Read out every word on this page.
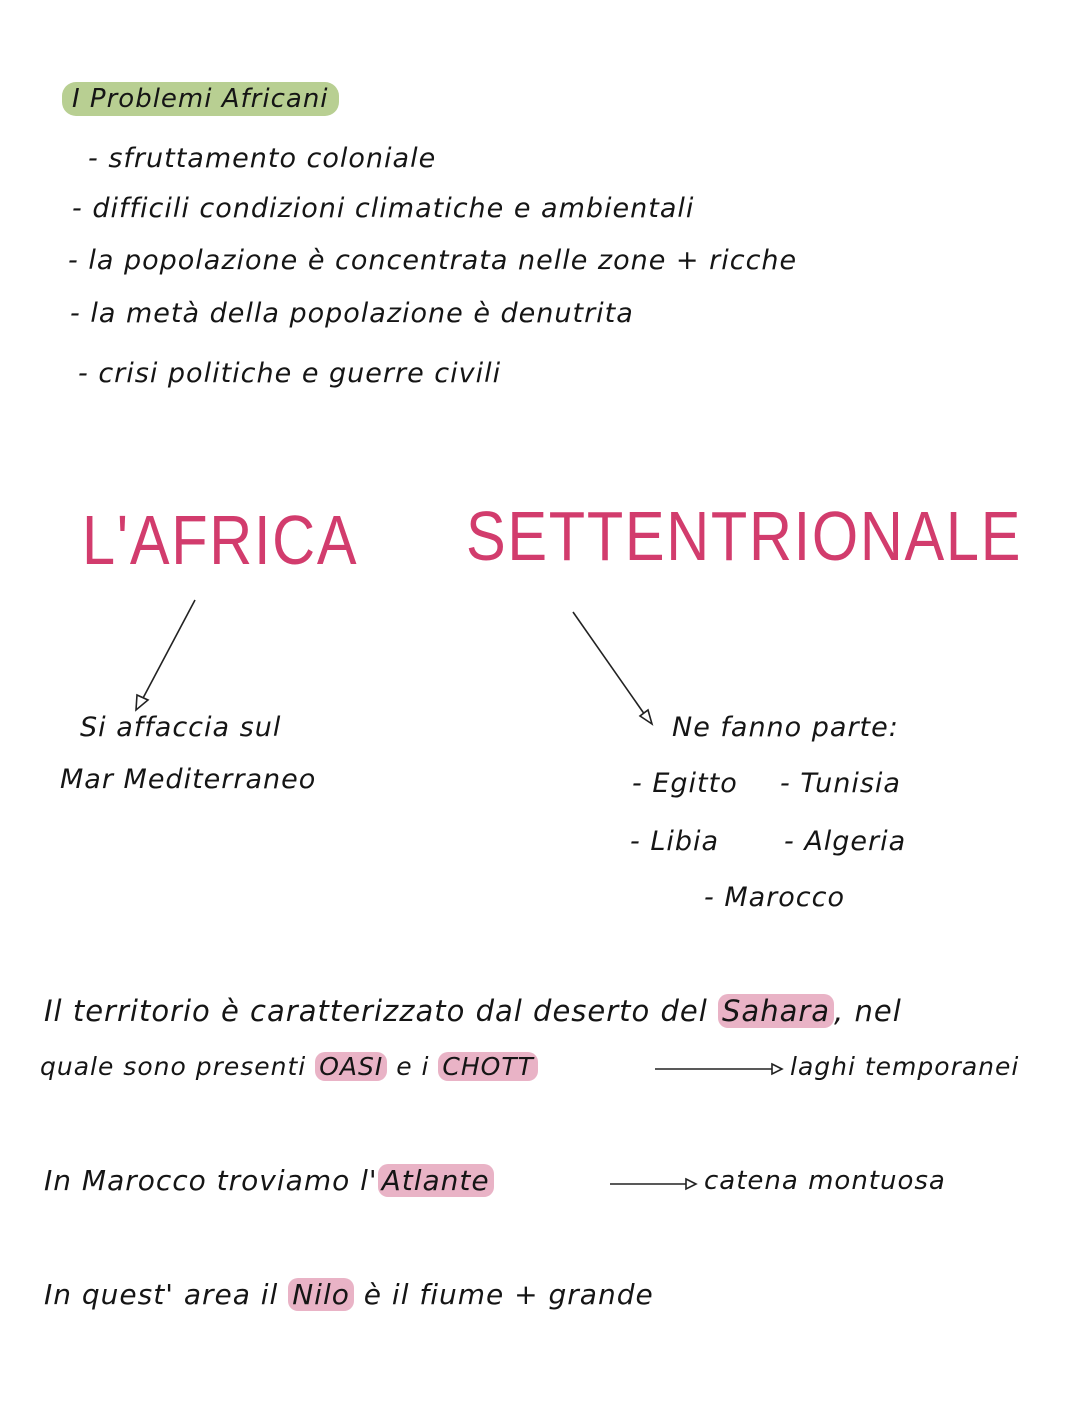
I Problemi Africani
- sfruttamento coloniale
- difficili condizioni climatiche e ambientali
- la popolazione è concentrata nelle zone + ricche
- la metà della popolazione è denutrita
- crisi politiche e guerre civili
L'AFRICA SETTENTRIONALE
Si affaccia sul
Mar Mediterraneo
Ne fanno parte:
- Egitto - Tunisia
- Libia - Algeria
- Marocco
Il territorio è caratterizzato dal deserto del Sahara , nel
quale sono presenti OASI e i CHOTT	laghi temporanei
In Marocco troviamo l' Atlante	catena montuosa
In quest' area il Nilo è il fiume + grande
